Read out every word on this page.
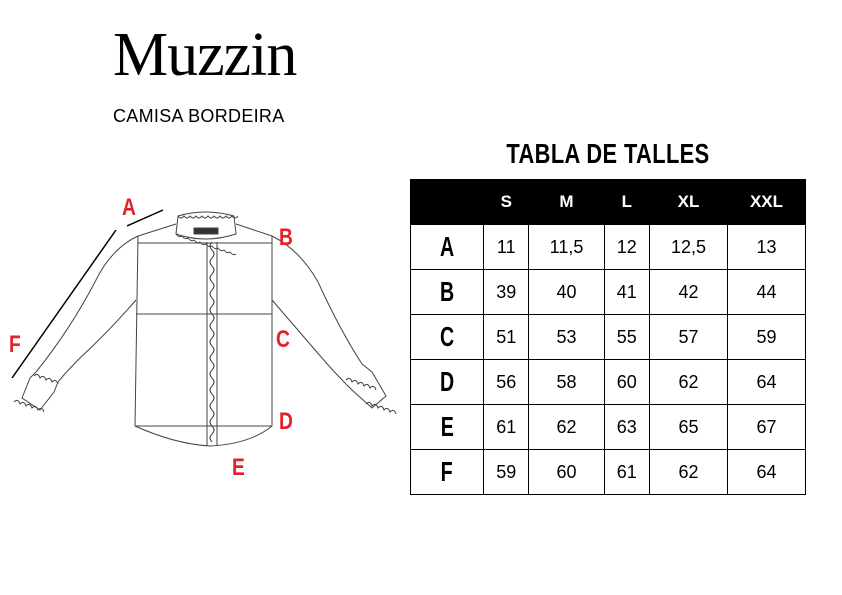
Muzzin
CAMISA BORDEIRA
TABLA DE TALLES
A
B
C
D
E
F
	S	M	L	XL	XXL
A	11	11,5	12	12,5	13
B	39	40	41	42	44
C	51	53	55	57	59
D	56	58	60	62	64
E	61	62	63	65	67
F	59	60	61	62	64
